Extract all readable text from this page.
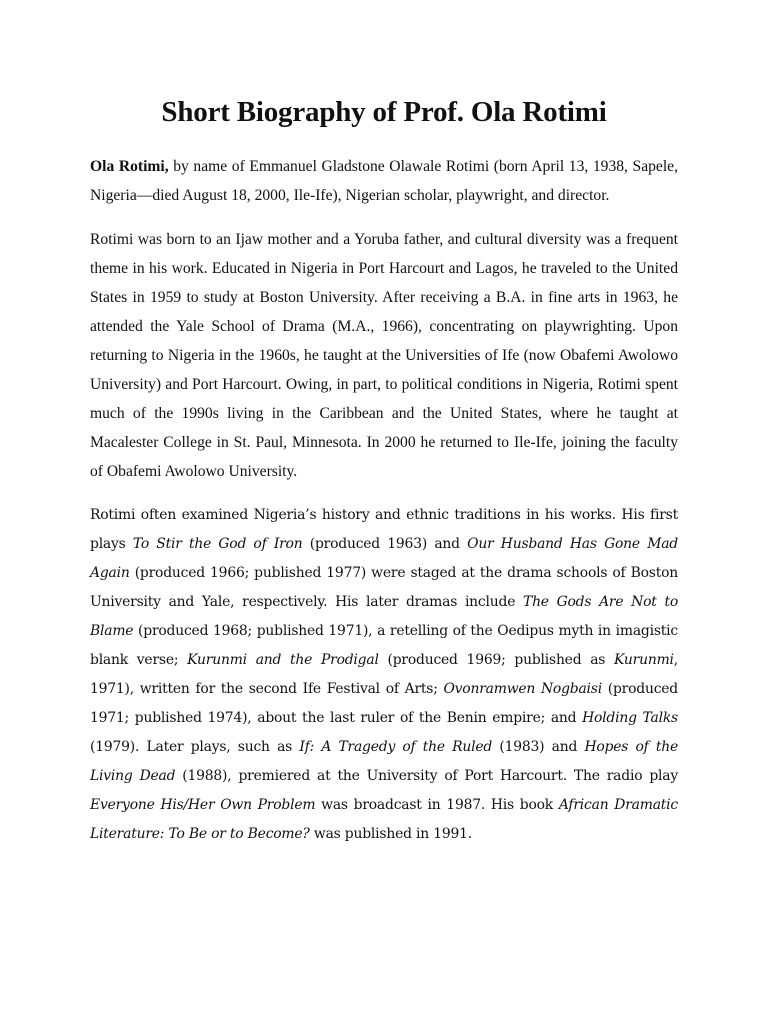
Short Biography of Prof. Ola Rotimi

Ola Rotimi, by name of Emmanuel Gladstone Olawale Rotimi (born April 13, 1938, Sapele, Nigeria—died August 18, 2000, Ile-Ife), Nigerian scholar, playwright, and director.

Rotimi was born to an Ijaw mother and a Yoruba father, and cultural diversity was a frequent theme in his work. Educated in Nigeria in Port Harcourt and Lagos, he traveled to the United States in 1959 to study at Boston University. After receiving a B.A. in fine arts in 1963, he attended the Yale School of Drama (M.A., 1966), concentrating on playwrighting. Upon returning to Nigeria in the 1960s, he taught at the Universities of Ife (now Obafemi Awolowo University) and Port Harcourt. Owing, in part, to political conditions in Nigeria, Rotimi spent much of the 1990s living in the Caribbean and the United States, where he taught at Macalester College in St. Paul, Minnesota. In 2000 he returned to Ile-Ife, joining the faculty of Obafemi Awolowo University.

Rotimi often examined Nigeria’s history and ethnic traditions in his works. His first plays To Stir the God of Iron (produced 1963) and Our Husband Has Gone Mad Again (produced 1966; published 1977) were staged at the drama schools of Boston University and Yale, respectively. His later dramas include The Gods Are Not to Blame (produced 1968; published 1971), a retelling of the Oedipus myth in imagistic blank verse; Kurunmi and the Prodigal (produced 1969; published as Kurunmi, 1971), written for the second Ife Festival of Arts; Ovonramwen Nogbaisi (produced 1971; published 1974), about the last ruler of the Benin empire; and Holding Talks (1979). Later plays, such as If: A Tragedy of the Ruled (1983) and Hopes of the Living Dead (1988), premiered at the University of Port Harcourt. The radio play Everyone His/Her Own Problem was broadcast in 1987. His book African Dramatic Literature: To Be or to Become? was published in 1991.
